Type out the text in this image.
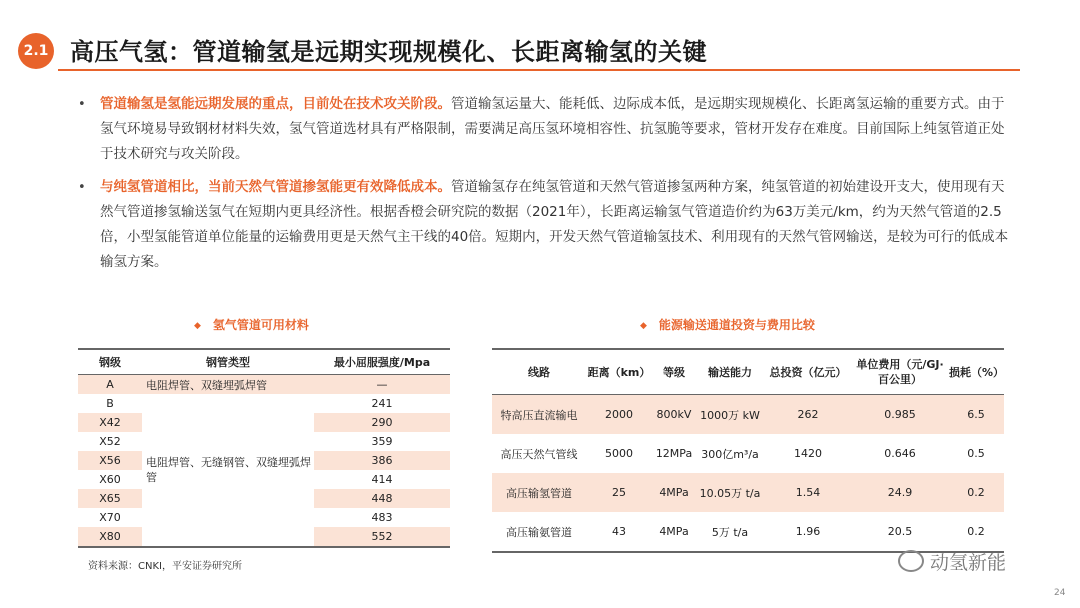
2.1 高压气氢：管道输氢是远期实现规模化、长距离输氢的关键
• 管道输氢是氢能远期发展的重点，目前处在技术攻关阶段。管道输氢运量大、能耗低、边际成本低，是远期实现规模化、长距离氢运输的重要方式。由于氢气环境易导致钢材材料失效，氢气管道选材具有严格限制，需要满足高压氢环境相容性、抗氢脆等要求，管材开发存在难度。目前国际上纯氢管道正处于技术研究与攻关阶段。
• 与纯氢管道相比，当前天然气管道掺氢能更有效降低成本。管道输氢存在纯氢管道和天然气管道掺氢两种方案，纯氢管道的初始建设开支大，使用现有天然气管道掺氢输送氢气在短期内更具经济性。根据香橙会研究院的数据（2021年），长距离运输氢气管道造价约为63万美元/km，约为天然气管道的2.5倍，小型氢能管道单位能量的运输费用更是天然气主干线的40倍。短期内，开发天然气管道输氢技术、利用现有的天然气管网输送，是较为可行的低成本输氢方案。
◆ 氢气管道可用材料
钢级	钢管类型	最小屈服强度/Mpa
A	电阻焊管、双缝埋弧焊管	—
B	电阻焊管、无缝钢管、双缝埋弧焊管	241
X42		290
X52		359
X56		386
X60		414
X65		448
X70		483
X80		552
◆ 能源输送通道投资与费用比较
线路	距离（km）	等级	输送能力	总投资（亿元）	单位费用（元/GJ·百公里）	损耗（%）
特高压直流输电	2000	800kV	1000万 kW	262	0.985	6.5
高压天然气管线	5000	12MPa	300亿m³/a	1420	0.646	0.5
高压输氢管道	25	4MPa	10.05万 t/a	1.54	24.9	0.2
高压输氨管道	43	4MPa	5万 t/a	1.96	20.5	0.2
资料来源：CNKI，平安证券研究所	动氢新能
24
